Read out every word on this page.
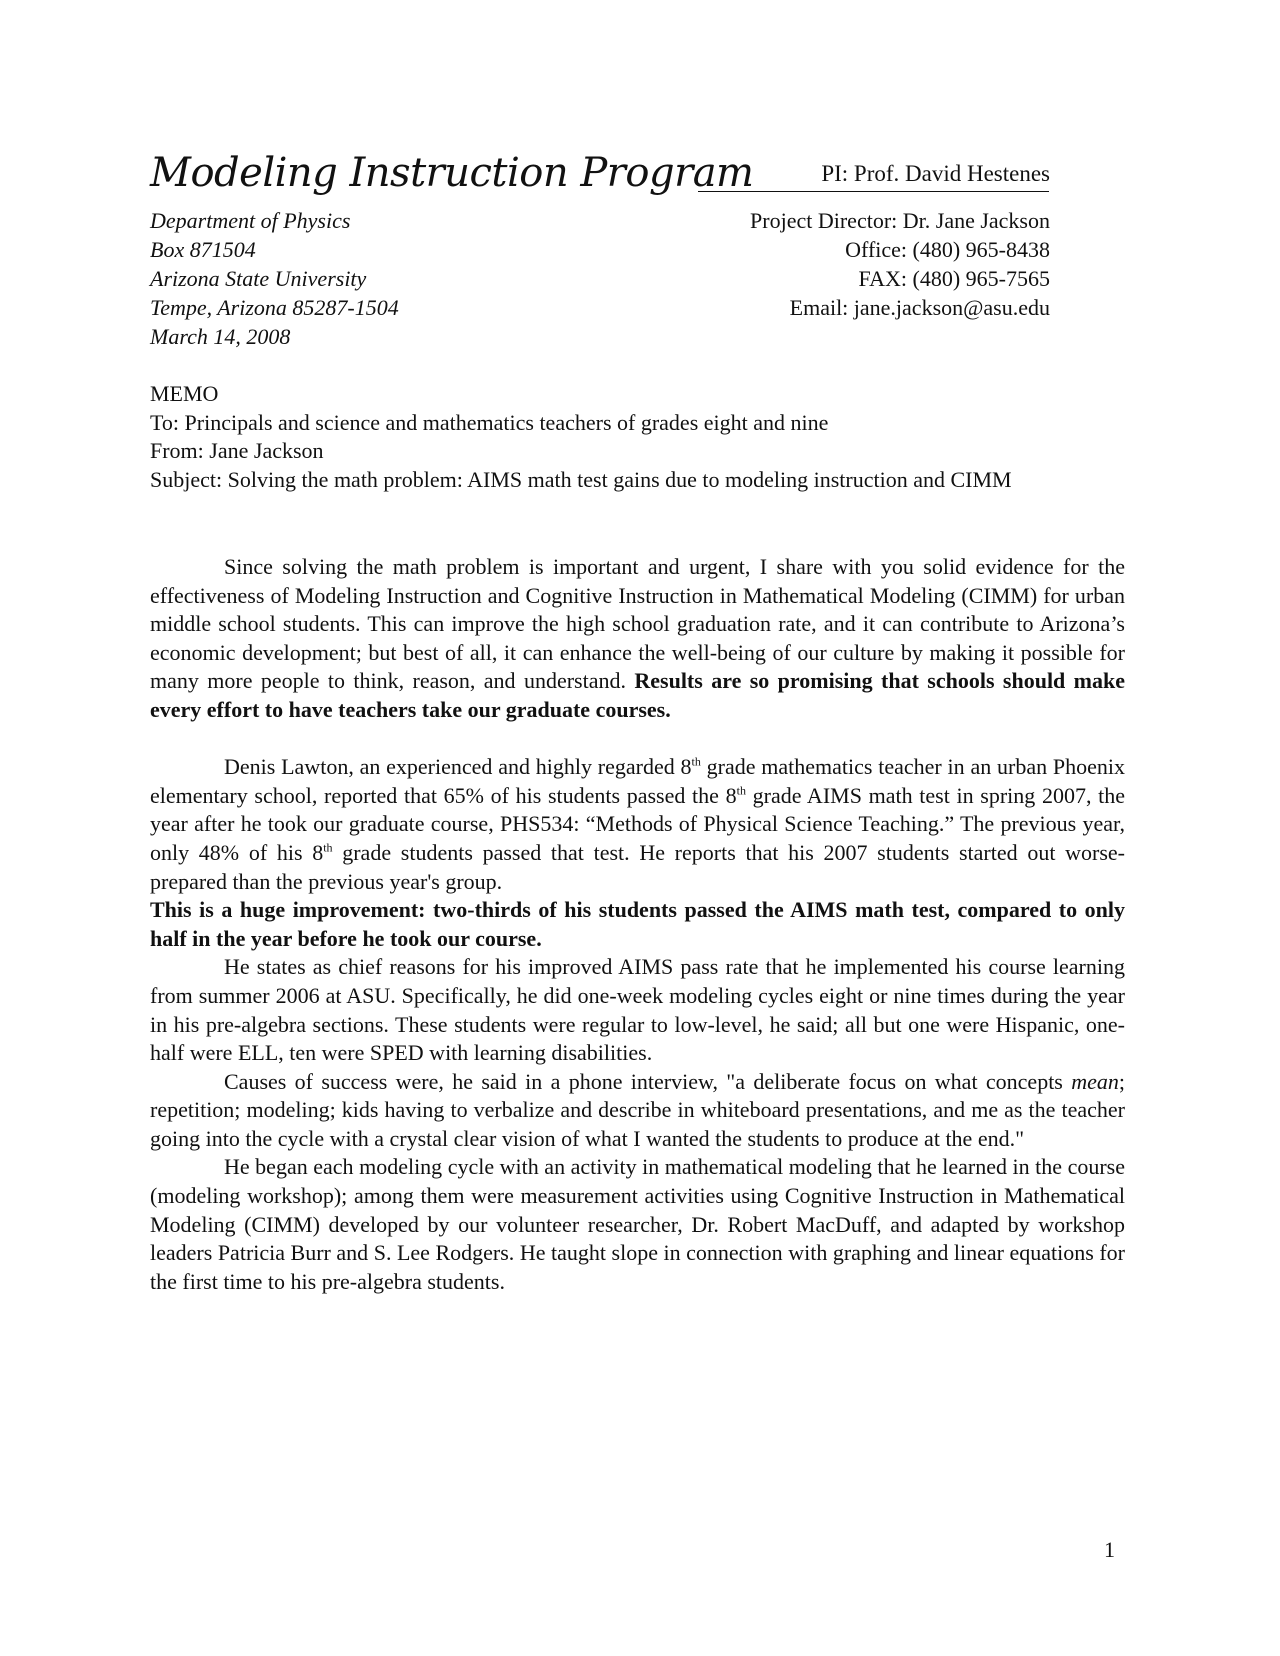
Modeling Instruction Program	PI: Prof. David Hestenes
Department of Physics
Box 871504
Arizona State University
Tempe, Arizona 85287-1504
March 14, 2008
Project Director: Dr. Jane Jackson
Office: (480) 965-8438
FAX: (480) 965-7565
Email: jane.jackson@asu.edu
MEMO
To: Principals and science and mathematics teachers of grades eight and nine
From: Jane Jackson
Subject: Solving the math problem: AIMS math test gains due to modeling instruction and CIMM

Since solving the math problem is important and urgent, I share with you solid evidence for the effectiveness of Modeling Instruction and Cognitive Instruction in Mathematical Modeling (CIMM) for urban middle school students. This can improve the high school graduation rate, and it can contribute to Arizona’s economic development; but best of all, it can enhance the well-being of our culture by making it possible for many more people to think, reason, and understand. Results are so promising that schools should make every effort to have teachers take our graduate courses.

Denis Lawton, an experienced and highly regarded 8th grade mathematics teacher in an urban Phoenix elementary school, reported that 65% of his students passed the 8th grade AIMS math test in spring 2007, the year after he took our graduate course, PHS534: “Methods of Physical Science Teaching.” The previous year, only 48% of his 8th grade students passed that test. He reports that his 2007 students started out worse-prepared than the previous year's group.

This is a huge improvement: two-thirds of his students passed the AIMS math test, compared to only half in the year before he took our course.

He states as chief reasons for his improved AIMS pass rate that he implemented his course learning from summer 2006 at ASU. Specifically, he did one-week modeling cycles eight or nine times during the year in his pre-algebra sections. These students were regular to low-level, he said; all but one were Hispanic, one-half were ELL, ten were SPED with learning disabilities.

Causes of success were, he said in a phone interview, "a deliberate focus on what concepts mean; repetition; modeling; kids having to verbalize and describe in whiteboard presentations, and me as the teacher going into the cycle with a crystal clear vision of what I wanted the students to produce at the end."

He began each modeling cycle with an activity in mathematical modeling that he learned in the course (modeling workshop); among them were measurement activities using Cognitive Instruction in Mathematical Modeling (CIMM) developed by our volunteer researcher, Dr. Robert MacDuff, and adapted by workshop leaders Patricia Burr and S. Lee Rodgers. He taught slope in connection with graphing and linear equations for the first time to his pre-algebra students.

1
